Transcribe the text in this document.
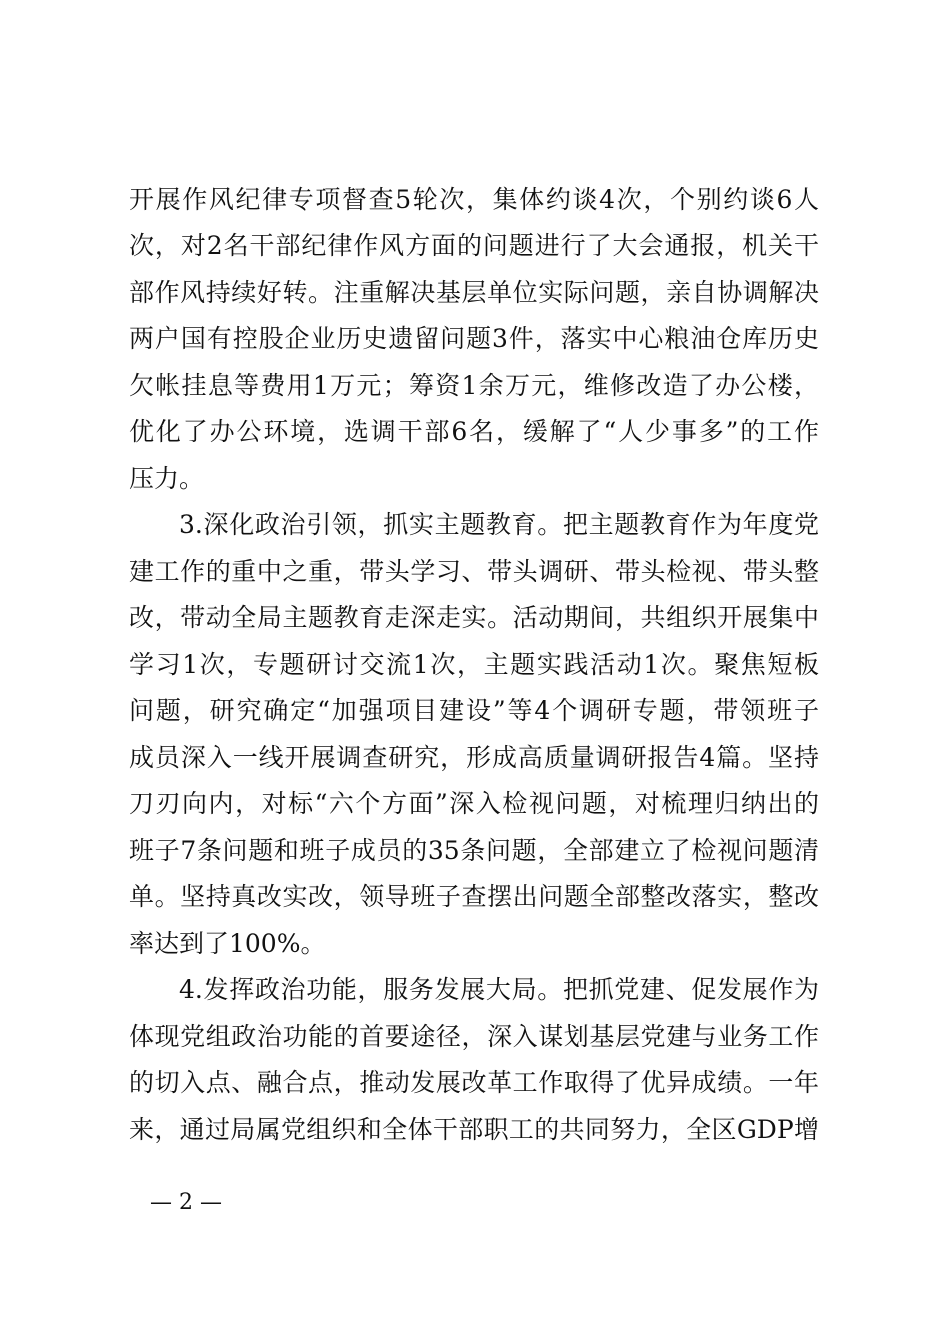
开展作风纪律专项督查5轮次，集体约谈4次，个别约谈6人
次，对2名干部纪律作风方面的问题进行了大会通报，机关干
部作风持续好转。注重解决基层单位实际问题，亲自协调解决
两户国有控股企业历史遗留问题3件，落实中心粮油仓库历史
欠帐挂息等费用1万元；筹资1余万元，维修改造了办公楼，
优化了办公环境，选调干部6名，缓解了“人少事多”的工作
压力。
3.深化政治引领，抓实主题教育。把主题教育作为年度党
建工作的重中之重，带头学习、带头调研、带头检视、带头整
改，带动全局主题教育走深走实。活动期间，共组织开展集中
学习1次，专题研讨交流1次，主题实践活动1次。聚焦短板
问题，研究确定“加强项目建设”等4个调研专题，带领班子
成员深入一线开展调查研究，形成高质量调研报告4篇。坚持
刀刃向内，对标“六个方面”深入检视问题，对梳理归纳出的
班子7条问题和班子成员的35条问题，全部建立了检视问题清
单。坚持真改实改，领导班子查摆出问题全部整改落实，整改
率达到了100%。
4.发挥政治功能，服务发展大局。把抓党建、促发展作为
体现党组政治功能的首要途径，深入谋划基层党建与业务工作
的切入点、融合点，推动发展改革工作取得了优异成绩。一年
来，通过局属党组织和全体干部职工的共同努力，全区GDP增
— 2 —
